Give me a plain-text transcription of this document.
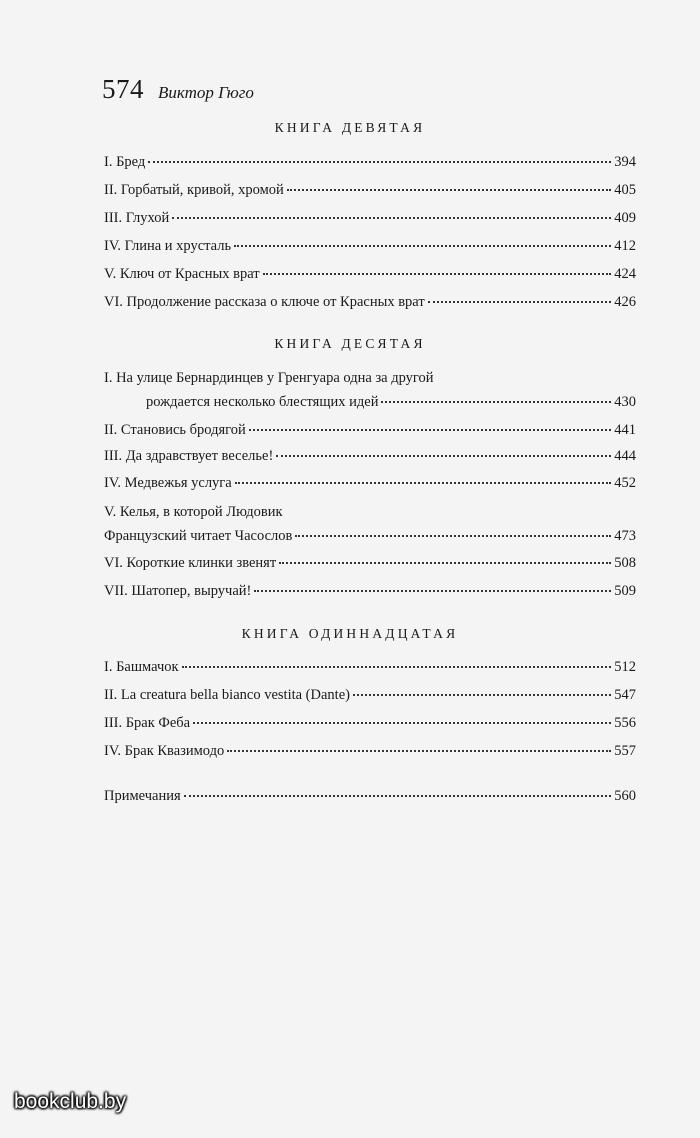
574 Виктор Гюго
КНИГА ДЕВЯТАЯ
I. Бред	394
II. Горбатый, кривой, хромой	405
III. Глухой	409
IV. Глина и хрусталь	412
V. Ключ от Красных врат	424
VI. Продолжение рассказа о ключе от Красных врат	426
КНИГА ДЕСЯТАЯ
I. На улице Бернардинцев у Гренгуара одна за другой
рождается несколько блестящих идей	430
II. Становись бродягой	441
III. Да здравствует веселье!	444
IV. Медвежья услуга	452
V. Келья, в которой Людовик
Французский читает Часослов	473
VI. Короткие клинки звенят	508
VII. Шатопер, выручай!	509
КНИГА ОДИННАДЦАТАЯ
I. Башмачок	512
II. La creatura bella bianco vestita (Dante)	547
III. Брак Феба	556
IV. Брак Квазимодо	557
Примечания	560
bookclub.by
